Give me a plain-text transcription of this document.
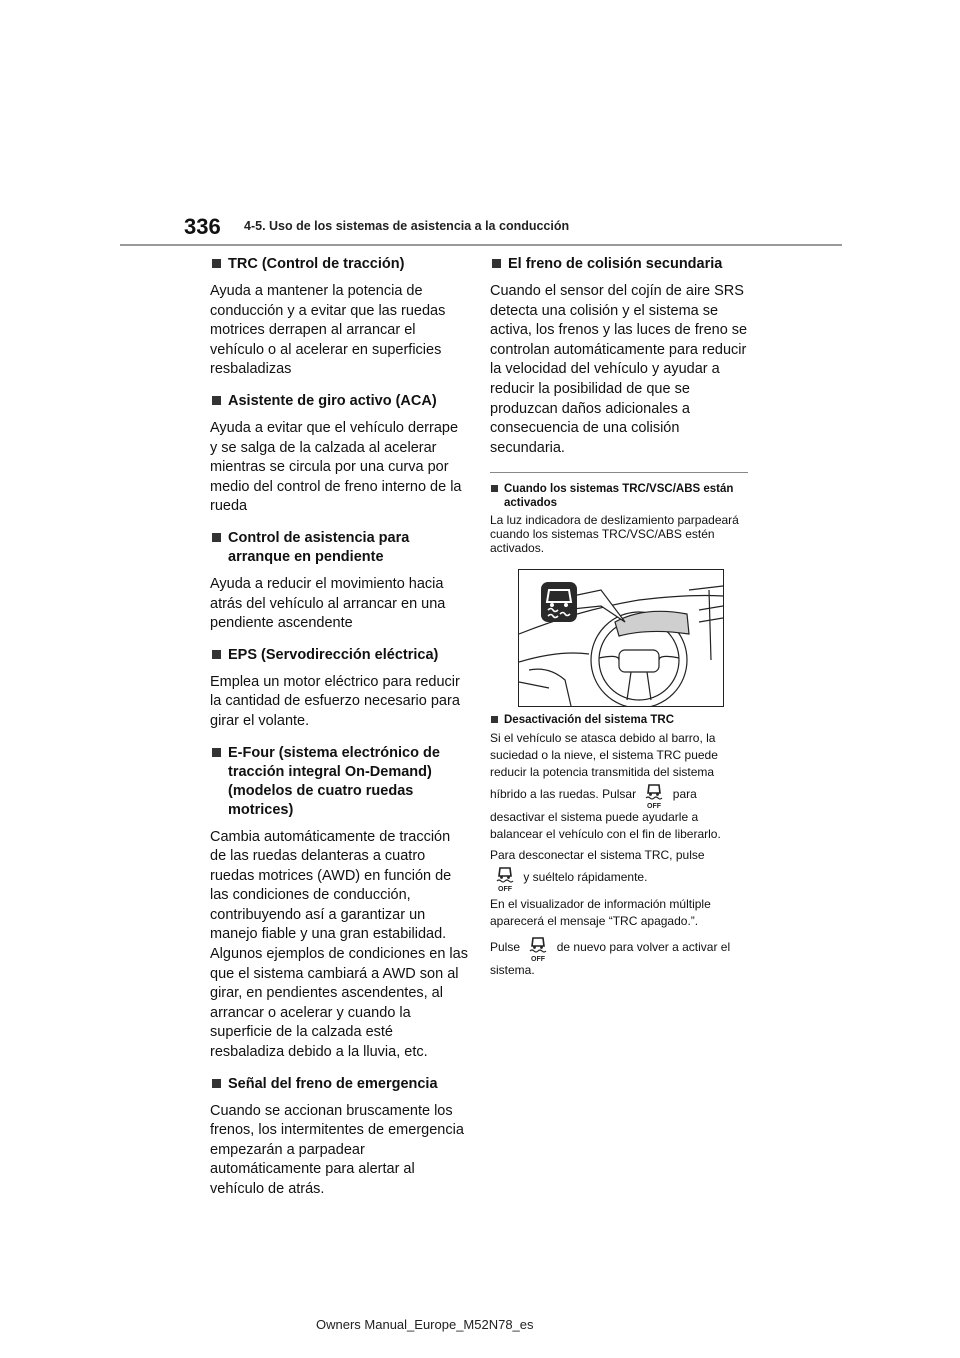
336 4-5. Uso de los sistemas de asistencia a la conducción
TRC (Control de tracción)
Ayuda a mantener la potencia de conducción y a evitar que las ruedas motrices derrapen al arrancar el vehículo o al acelerar en superficies resbaladizas
Asistente de giro activo (ACA)
Ayuda a evitar que el vehículo derrape y se salga de la calzada al acelerar mientras se circula por una curva por medio del control de freno interno de la rueda
Control de asistencia para arranque en pendiente
Ayuda a reducir el movimiento hacia atrás del vehículo al arrancar en una pendiente ascendente
EPS (Servodirección eléctrica)
Emplea un motor eléctrico para reducir la cantidad de esfuerzo necesario para girar el volante.
E-Four (sistema electrónico de tracción integral On-Demand) (modelos de cuatro ruedas motrices)
Cambia automáticamente de tracción de las ruedas delanteras a cuatro ruedas motrices (AWD) en función de las condiciones de conducción, contribuyendo así a garantizar un manejo fiable y una gran estabilidad. Algunos ejemplos de condiciones en las que el sistema cambiará a AWD son al girar, en pendientes ascendentes, al arrancar o acelerar y cuando la superficie de la calzada esté resbaladiza debido a la lluvia, etc.
Señal del freno de emergencia
Cuando se accionan bruscamente los frenos, los intermitentes de emergencia empezarán a parpadear automáticamente para alertar al vehículo de atrás.
El freno de colisión secundaria
Cuando el sensor del cojín de aire SRS detecta una colisión y el sistema se activa, los frenos y las luces de freno se controlan automáticamente para reducir la velocidad del vehículo y ayudar a reducir la posibilidad de que se produzcan daños adicionales a consecuencia de una colisión secundaria.
Cuando los sistemas TRC/VSC/ABS están activados
La luz indicadora de deslizamiento parpadeará cuando los sistemas TRC/VSC/ABS estén activados.
Desactivación del sistema TRC
Si el vehículo se atasca debido al barro, la suciedad o la nieve, el sistema TRC puede reducir la potencia transmitida del sistema híbrido a las ruedas. Pulsar
OFF
para desactivar el sistema puede ayudarle a balancear el vehículo con el fin de liberarlo.
Para desconectar el sistema TRC, pulse

OFF
y suéltelo rápidamente.
En el visualizador de información múltiple aparecerá el mensaje “TRC apagado.”.
Pulse
OFF
de nuevo para volver a activar el sistema.
Owners Manual_Europe_M52N78_es
